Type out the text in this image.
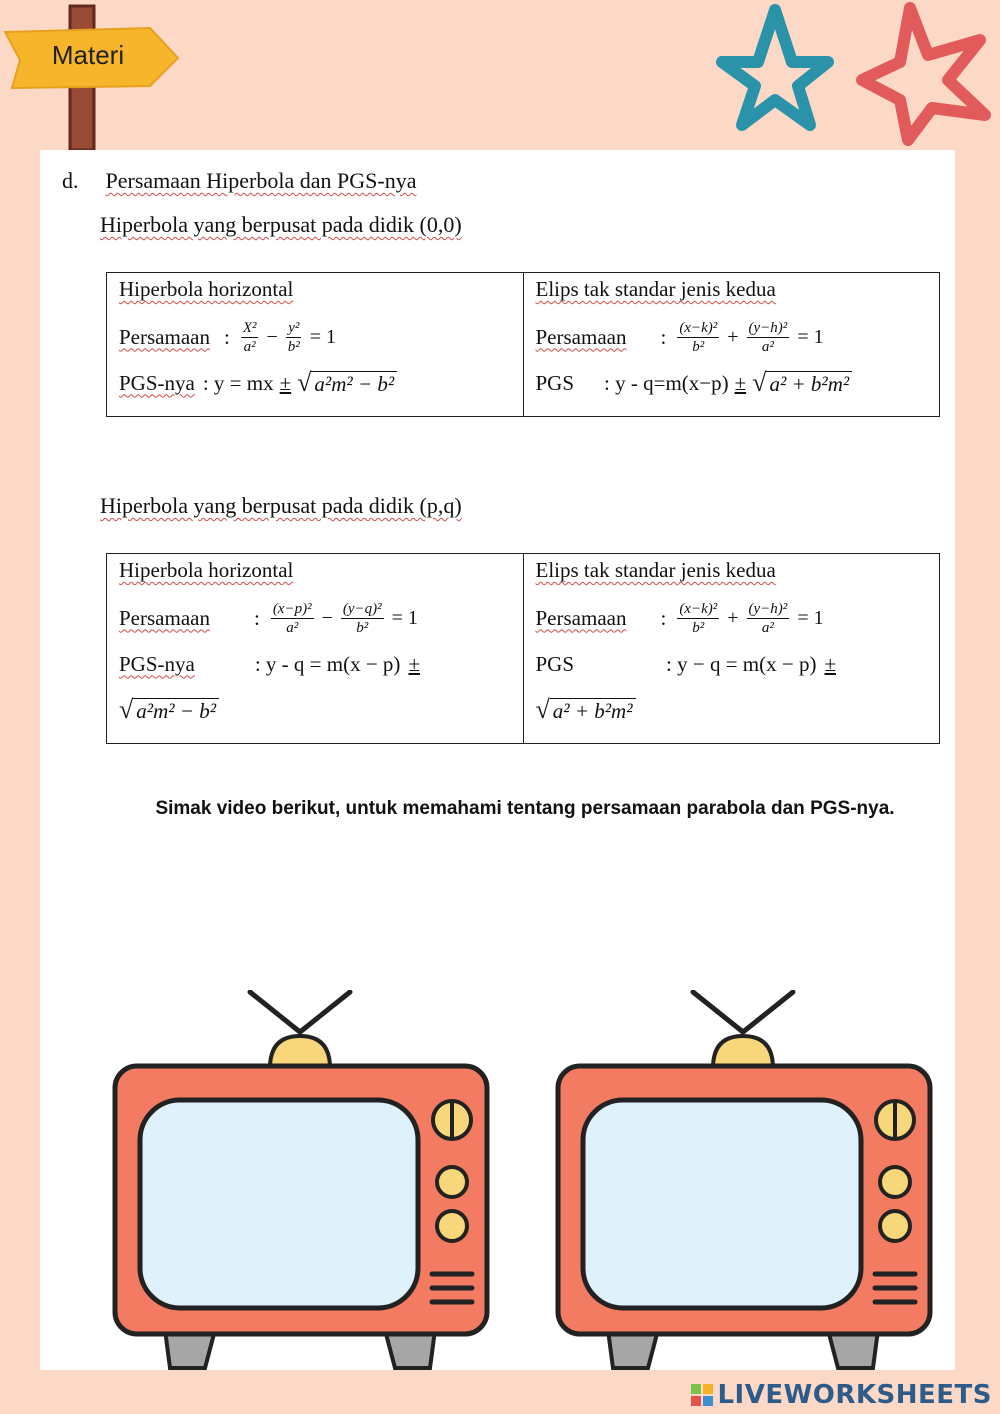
Materi
d. Persamaan Hiperbola dan PGS-nya
Hiperbola yang berpusat pada didik (0,0)
Hiperbola horizontal
Persamaan : $\frac{\text{X²}}{\text{a²}} - \frac{\text{y²}}{\text{b²}} = 1$
PGS-nya : y = mx ± √ a²m² − b²

Elips tak standar jenis kedua
Persamaan : $\frac{\text{(x−k)²}}{\text{b²}} + \frac{\text{(y−h)²}}{\text{a²}} = 1$
PGS : y - q=m(x−p) ± √ a² + b²m²
Hiperbola yang berpusat pada didik (p,q)
Hiperbola horizontal
Persamaan : $\frac{\text{(x−p)²}}{\text{a²}} - \frac{\text{(y−q)²}}{\text{b²}} = 1$
PGS-nya	: y - q = m(x − p) ±
√ a²m² − b²

Elips tak standar jenis kedua
Persamaan : $\frac{\text{(x−k)²}}{\text{b²}} + \frac{\text{(y−h)²}}{\text{a²}} = 1$
PGS	: y − q = m(x − p) ±
√ a² + b²m²
Simak video berikut, untuk memahami tentang persamaan parabola dan PGS-nya.
LIVEWORKSHEETS
